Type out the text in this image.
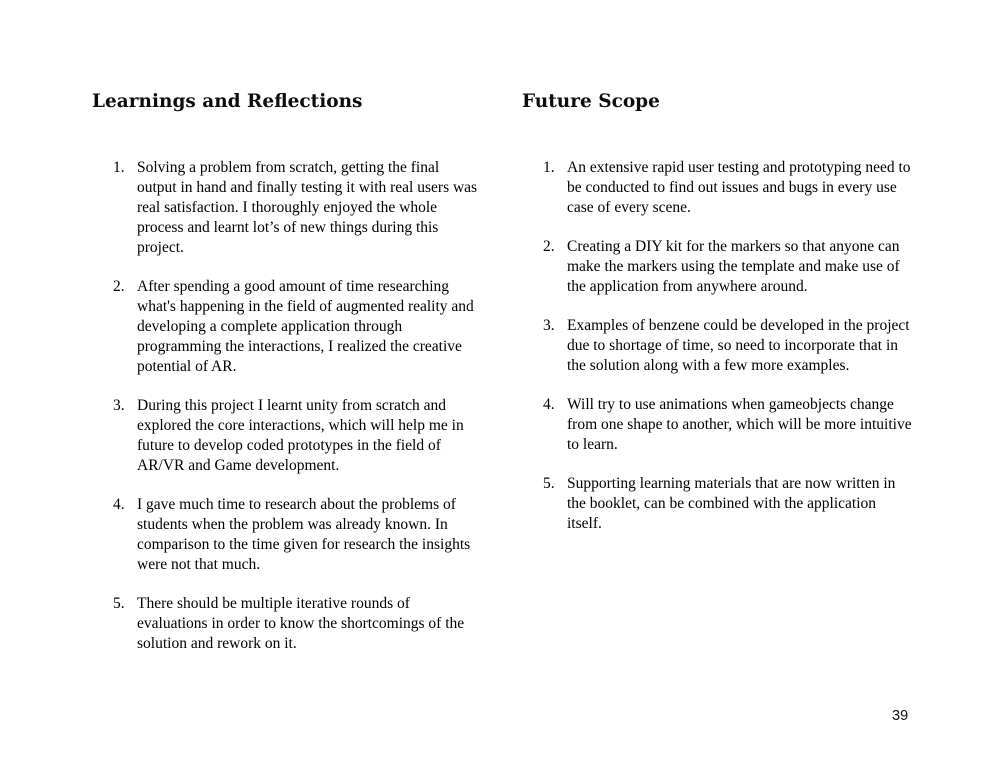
Learnings and Reflections
1. Solving a problem from scratch, getting the final output in hand and finally testing it with real users was real satisfaction. I thoroughly enjoyed the whole process and learnt lot’s of new things during this project.
2. After spending a good amount of time researching what's happening in the field of augmented reality and developing a complete application through programming the interactions, I realized the creative potential of AR.
3. During this project I learnt unity from scratch and explored the core interactions, which will help me in future to develop coded prototypes in the field of AR/VR and Game development.
4. I gave much time to research about the problems of students when the problem was already known. In comparison to the time given for research the insights were not that much.
5. There should be multiple iterative rounds of evaluations in order to know the shortcomings of the solution and rework on it.
Future Scope
1. An extensive rapid user testing and prototyping need to be conducted to find out issues and bugs in every use case of every scene.
2. Creating a DIY kit for the markers so that anyone can make the markers using the template and make use of the application from anywhere around.
3. Examples of benzene could be developed in the project due to shortage of time, so need to incorporate that in the solution along with a few more examples.
4. Will try to use animations when gameobjects change from one shape to another, which will be more intuitive to learn.
5. Supporting learning materials that are now written in the booklet, can be combined with the application itself.
39
